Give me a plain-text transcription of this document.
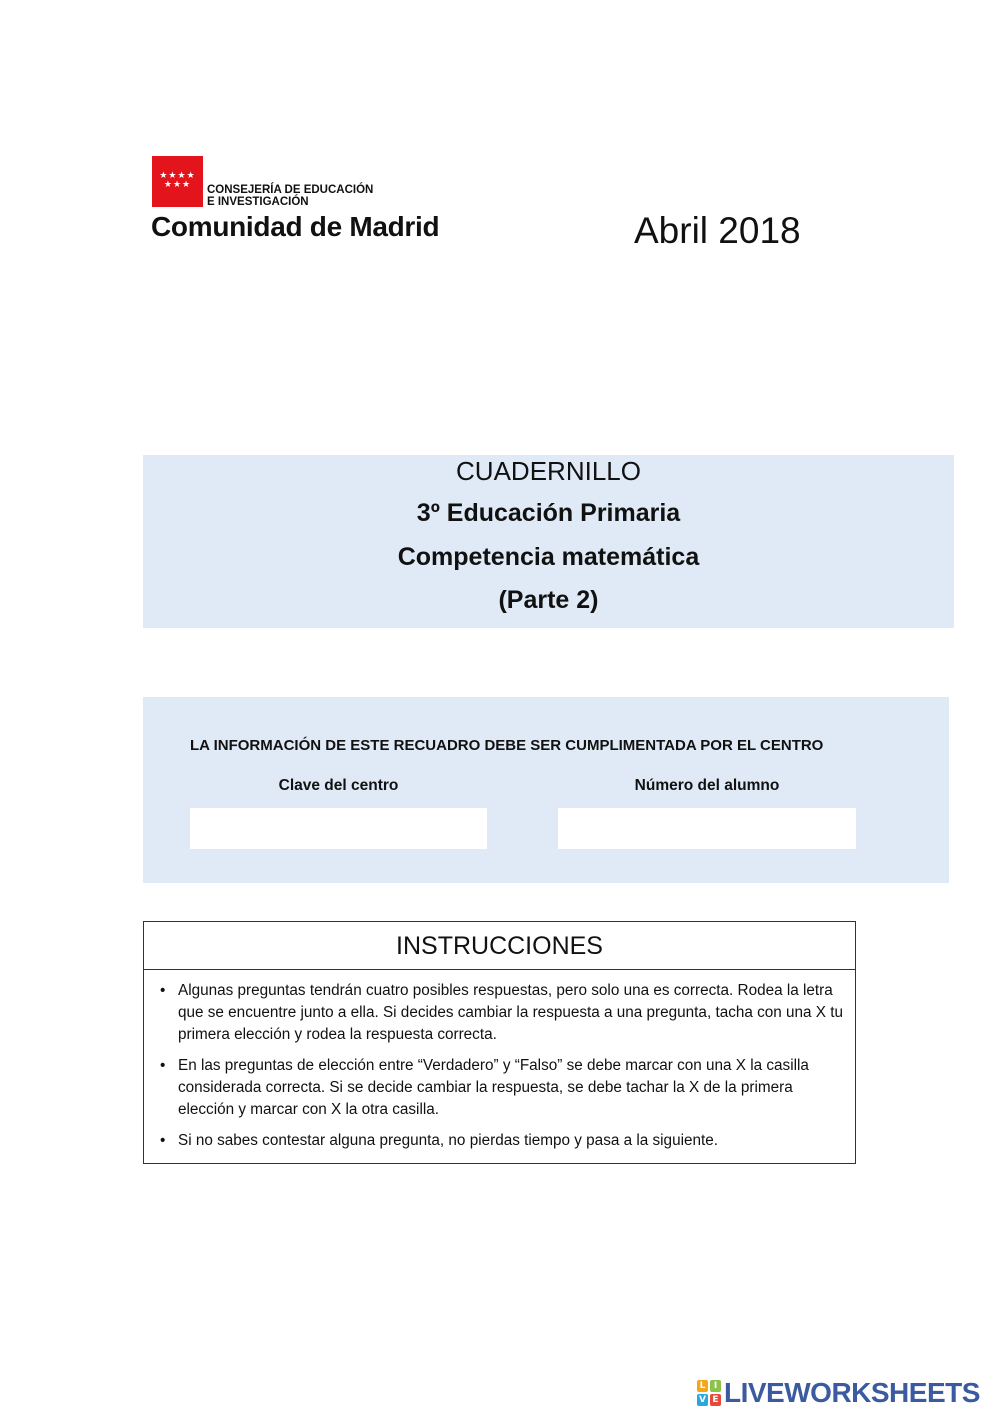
★★★★ ★★★	CONSEJERÍA DE EDUCACIÓN
E INVESTIGACIÓN
Comunidad de Madrid	Abril 2018
CUADERNILLO
3º Educación Primaria
Competencia matemática
(Parte 2)
LA INFORMACIÓN DE ESTE RECUADRO DEBE SER CUMPLIMENTADA POR EL CENTRO
Clave del centro	Número del alumno
INSTRUCCIONES
• Algunas preguntas tendrán cuatro posibles respuestas, pero solo una es correcta. Rodea la letra que se encuentre junto a ella. Si decides cambiar la respuesta a una pregunta, tacha con una X tu primera elección y rodea la respuesta correcta.
• En las preguntas de elección entre “Verdadero” y “Falso” se debe marcar con una X la casilla considerada correcta. Si se decide cambiar la respuesta, se debe tachar la X de la primera elección y marcar con X la otra casilla.
• Si no sabes contestar alguna pregunta, no pierdas tiempo y pasa a la siguiente.
L I
V E LIVEWORKSHEETS
